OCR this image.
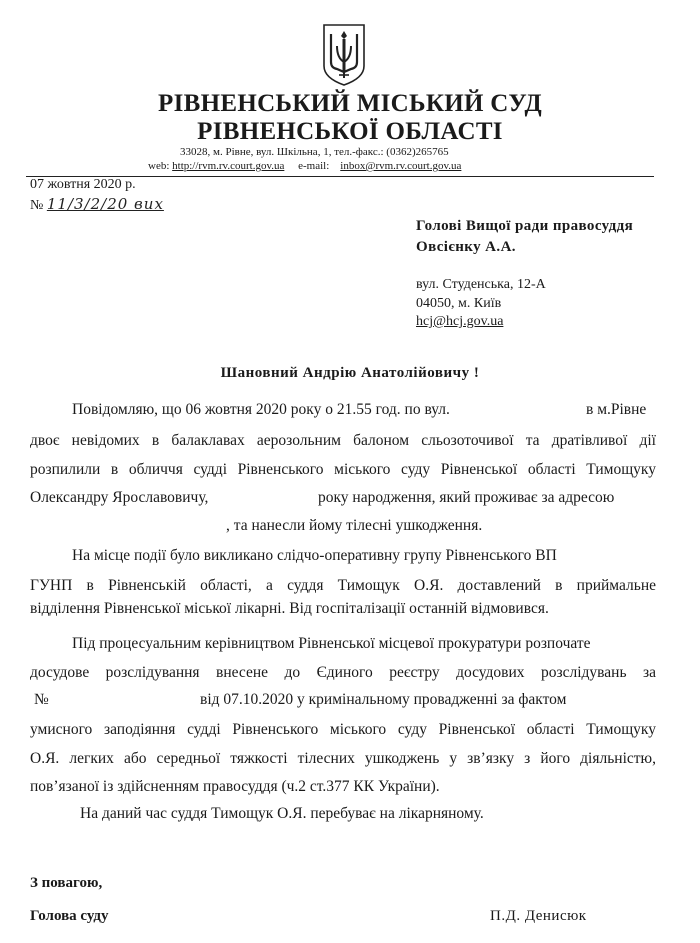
РІВНЕНСЬКИЙ МІСЬКИЙ СУД
РІВНЕНСЬКОЇ ОБЛАСТІ
33028, м. Рівне, вул. Шкільна, 1, тел.-факс.: (0362)265765
web: http://rvm.rv.court.gov.ua e-mail: inbox@rvm.rv.court.gov.ua
07 жовтня 2020 р.
№ 11/3/2/20 вих
Голові Вищої ради правосуддя
Овсієнку А.А.
вул. Студенська, 12-А
04050, м. Київ
hcj@hcj.gov.ua
Шановний Андрію Анатолійовичу !
Повідомляю, що 06 жовтня 2020 року о 21.55 год. по вул.	в м.Рівне
двоє невідомих в балаклавах аерозольним балоном сльозоточивої та дратівливої дії
розпилили в обличчя судді Рівненського міського суду Рівненської області Тимощуку
Олександру Ярославовичу,	року народження, який проживає за адресою
, та нанесли йому тілесні ушкодження.
На місце події було викликано слідчо-оперативну групу Рівненського ВП
ГУНП в Рівненській області, а суддя Тимощук О.Я. доставлений в приймальне
відділення Рівненської міської лікарні. Від госпіталізації останній відмовився.
Під процесуальним керівництвом Рівненської місцевої прокуратури розпочате
досудове розслідування внесене до Єдиного реєстру досудових розслідувань за
№	від 07.10.2020 у кримінальному провадженні за фактом
умисного заподіяння судді Рівненського міського суду Рівненської області Тимощуку
О.Я. легких або середньої тяжкості тілесних ушкоджень у зв’язку з його діяльністю,
пов’язаної із здійсненням правосуддя (ч.2 ст.377 КК України).
На даний час суддя Тимощук О.Я. перебуває на лікарняному.
З повагою,
Голова суду	П.Д. Денисюк
